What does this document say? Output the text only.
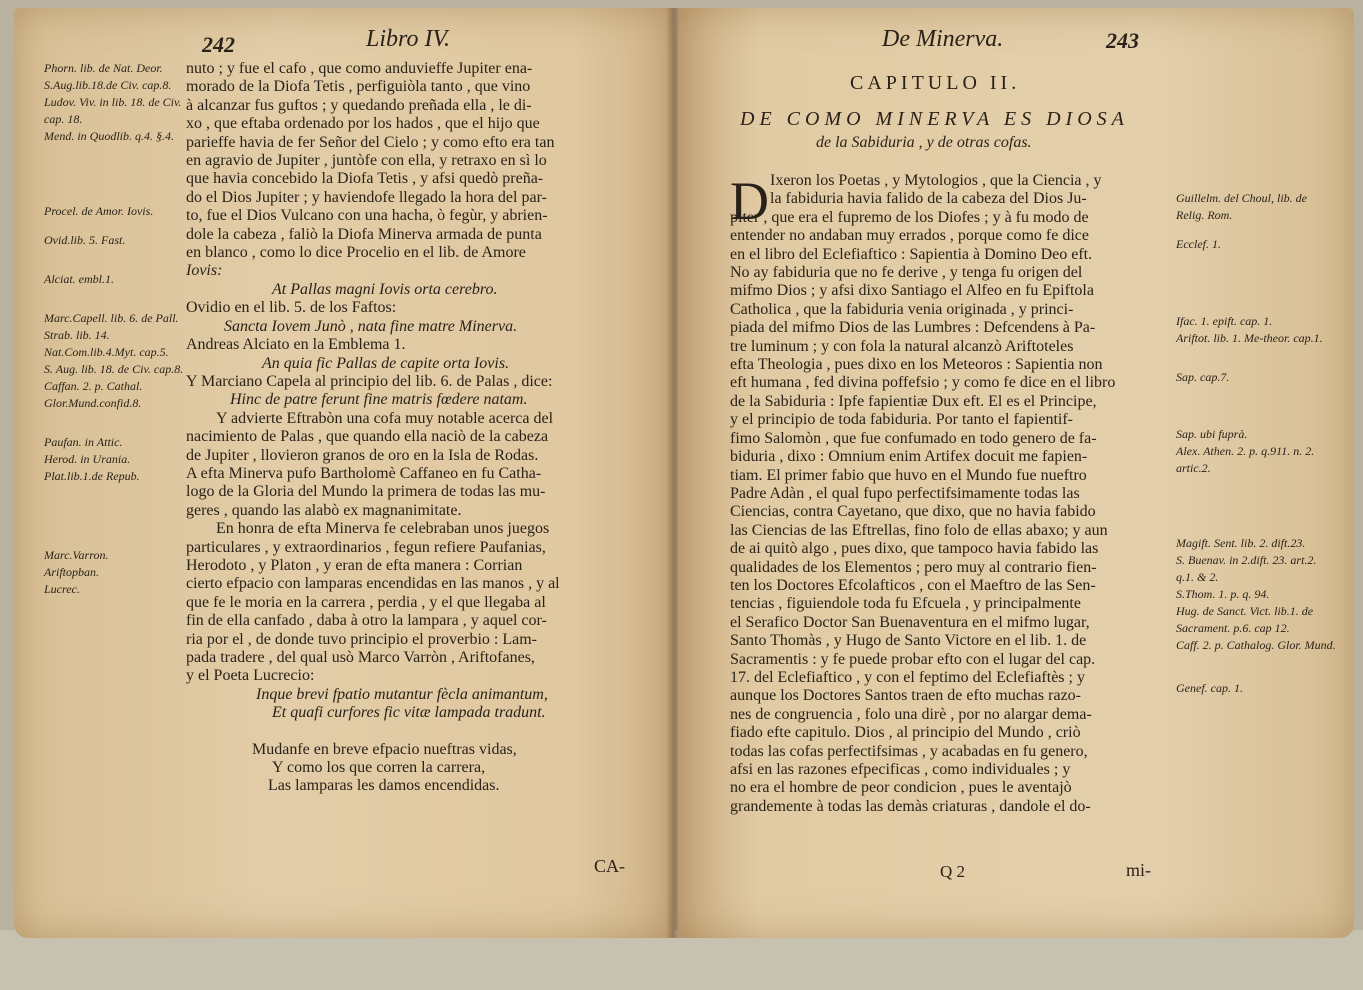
242	Libro IV.
Phorn. lib. de Nat. Deor.
S.Aug.lib.18.de Civ. cap.8.
Ludov. Viv. in lib. 18. de Civ. cap. 18.
Mend. in Quodlib. q.4. §.4.
Procel. de Amor. Iovis.
Ovid.lib. 5. Fast.
Alciat. embl.1.
Marc.Capell. lib. 6. de Pall.
Strab. lib. 14.
Nat.Com.lib.4.Myt. cap.5.
S. Aug. lib. 18. de Civ. cap.8.
Caffan. 2. p. Cathal. Glor.Mund.confid.8.
Paufan. in Attic.
Herod. in Urania.
Plat.lib.1.de Repub.
Marc.Varron.
Ariftopban.
Lucrec.
nuto ; y fue el cafo , que como anduvieffe Jupiter ena-
morado de la Diofa Tetis , perfiguiòla tanto , que vino
à alcanzar fus guftos ; y quedando preñada ella , le di-
xo , que eftaba ordenado por los hados , que el hijo que
parieffe havia de fer Señor del Cielo ; y como efto era tan
en agravio de Jupiter , juntòfe con ella, y retraxo en sì lo
que havia concebido la Diofa Tetis , y afsi quedò preña-
do el Dios Jupiter ; y haviendofe llegado la hora del par-
to, fue el Dios Vulcano con una hacha, ò fegùr, y abrien-
dole la cabeza , faliò la Diofa Minerva armada de punta
en blanco , como lo dice Procelio en el lib. de Amore
Iovis:
At Pallas magni Iovis orta cerebro.
Ovidio en el lib. 5. de los Faftos:
Sancta Iovem Junò , nata fine matre Minerva.
Andreas Alciato en la Emblema 1.
An quia fic Pallas de capite orta Iovis.
Y Marciano Capela al principio del lib. 6. de Palas , dice:
Hinc de patre ferunt fine matris fœdere natam.
Y advierte Eftrabòn una cofa muy notable acerca del
nacimiento de Palas , que quando ella naciò de la cabeza
de Jupiter , llovieron granos de oro en la Isla de Rodas.
A efta Minerva pufo Bartholomè Caffaneo en fu Catha-
logo de la Gloria del Mundo la primera de todas las mu-
geres , quando las alabò ex magnanimitate.
En honra de efta Minerva fe celebraban unos juegos
particulares , y extraordinarios , fegun refiere Paufanias,
Herodoto , y Platon , y eran de efta manera : Corrian
cierto efpacio con lamparas encendidas en las manos , y al
que fe le moria en la carrera , perdia , y el que llegaba al
fin de ella canfado , daba à otro la lampara , y aquel cor-
ria por el , de donde tuvo principio el proverbio : Lam-
pada tradere , del qual usò Marco Varròn , Ariftofanes,
y el Poeta Lucrecio:
Inque brevi fpatio mutantur fècla animantum,
Et quafi curfores fic vitæ lampada tradunt.
Mudanfe en breve efpacio nueftras vidas,
Y como los que corren la carrera,
Las lamparas les damos encendidas.
CA-
De Minerva.	243
CAPITULO II.
DE COMO MINERVA ES DIOSA
de la Sabiduria , y de otras cofas.
D Ixeron los Poetas , y Mytologios , que la Ciencia , y
la fabiduria havia falido de la cabeza del Dios Ju-
piter , que era el fupremo de los Diofes ; y à fu modo de
entender no andaban muy errados , porque como fe dice
en el libro del Eclefiaftico : Sapientia à Domino Deo eft.
No ay fabiduria que no fe derive , y tenga fu origen del
mifmo Dios ; y afsi dixo Santiago el Alfeo en fu Epiftola
Catholica , que la fabiduria venia originada , y princi-
piada del mifmo Dios de las Lumbres : Defcendens à Pa-
tre luminum ; y con fola la natural alcanzò Ariftoteles
efta Theologia , pues dixo en los Meteoros : Sapientia non
eft humana , fed divina poffefsio ; y como fe dice en el libro
de la Sabiduria : Ipfe fapientiæ Dux eft. El es el Principe,
y el principio de toda fabiduria. Por tanto el fapientif-
fimo Salomòn , que fue confumado en todo genero de fa-
biduria , dixo : Omnium enim Artifex docuit me fapien-
tiam. El primer fabio que huvo en el Mundo fue nueftro
Padre Adàn , el qual fupo perfectifsimamente todas las
Ciencias, contra Cayetano, que dixo, que no havia fabido
las Ciencias de las Eftrellas, fino folo de ellas abaxo; y aun
de ai quitò algo , pues dixo, que tampoco havia fabido las
qualidades de los Elementos ; pero muy al contrario fien-
ten los Doctores Efcolafticos , con el Maeftro de las Sen-
tencias , figuiendole toda fu Efcuela , y principalmente
el Serafico Doctor San Buenaventura en el mifmo lugar,
Santo Thomàs , y Hugo de Santo Victore en el lib. 1. de
Sacramentis : y fe puede probar efto con el lugar del cap.
17. del Eclefiaftico , y con el feptimo del Eclefiaftès ; y
aunque los Doctores Santos traen de efto muchas razo-
nes de congruencia , folo una dirè , por no alargar dema-
fiado efte capitulo. Dios , al principio del Mundo , criò
todas las cofas perfectifsimas , y acabadas en fu genero,
afsi en las razones efpecificas , como individuales ; y
no era el hombre de peor condicion , pues le aventajò
grandemente à todas las demàs criaturas , dandole el do-
Guillelm. del Choul, lib. de Relig. Rom.
Ecclef. 1.
Ifac. 1. epift. cap. 1.
Ariftot. lib. 1. Me-theor. cap.1.
Sap. cap.7.
Sap. ubi fuprà.
Alex. Athen. 2. p. q.911. n. 2. artic.2.
Magift. Sent. lib. 2. dift.23.
S. Buenav. in 2.dift. 23. art.2. q.1. & 2.
S.Thom. 1. p. q. 94.
Hug. de Sanct. Vict. lib.1. de Sacrament. p.6. cap 12.
Caff. 2. p. Cathalog. Glor. Mund.
Genef. cap. 1.
Q 2	mi-
